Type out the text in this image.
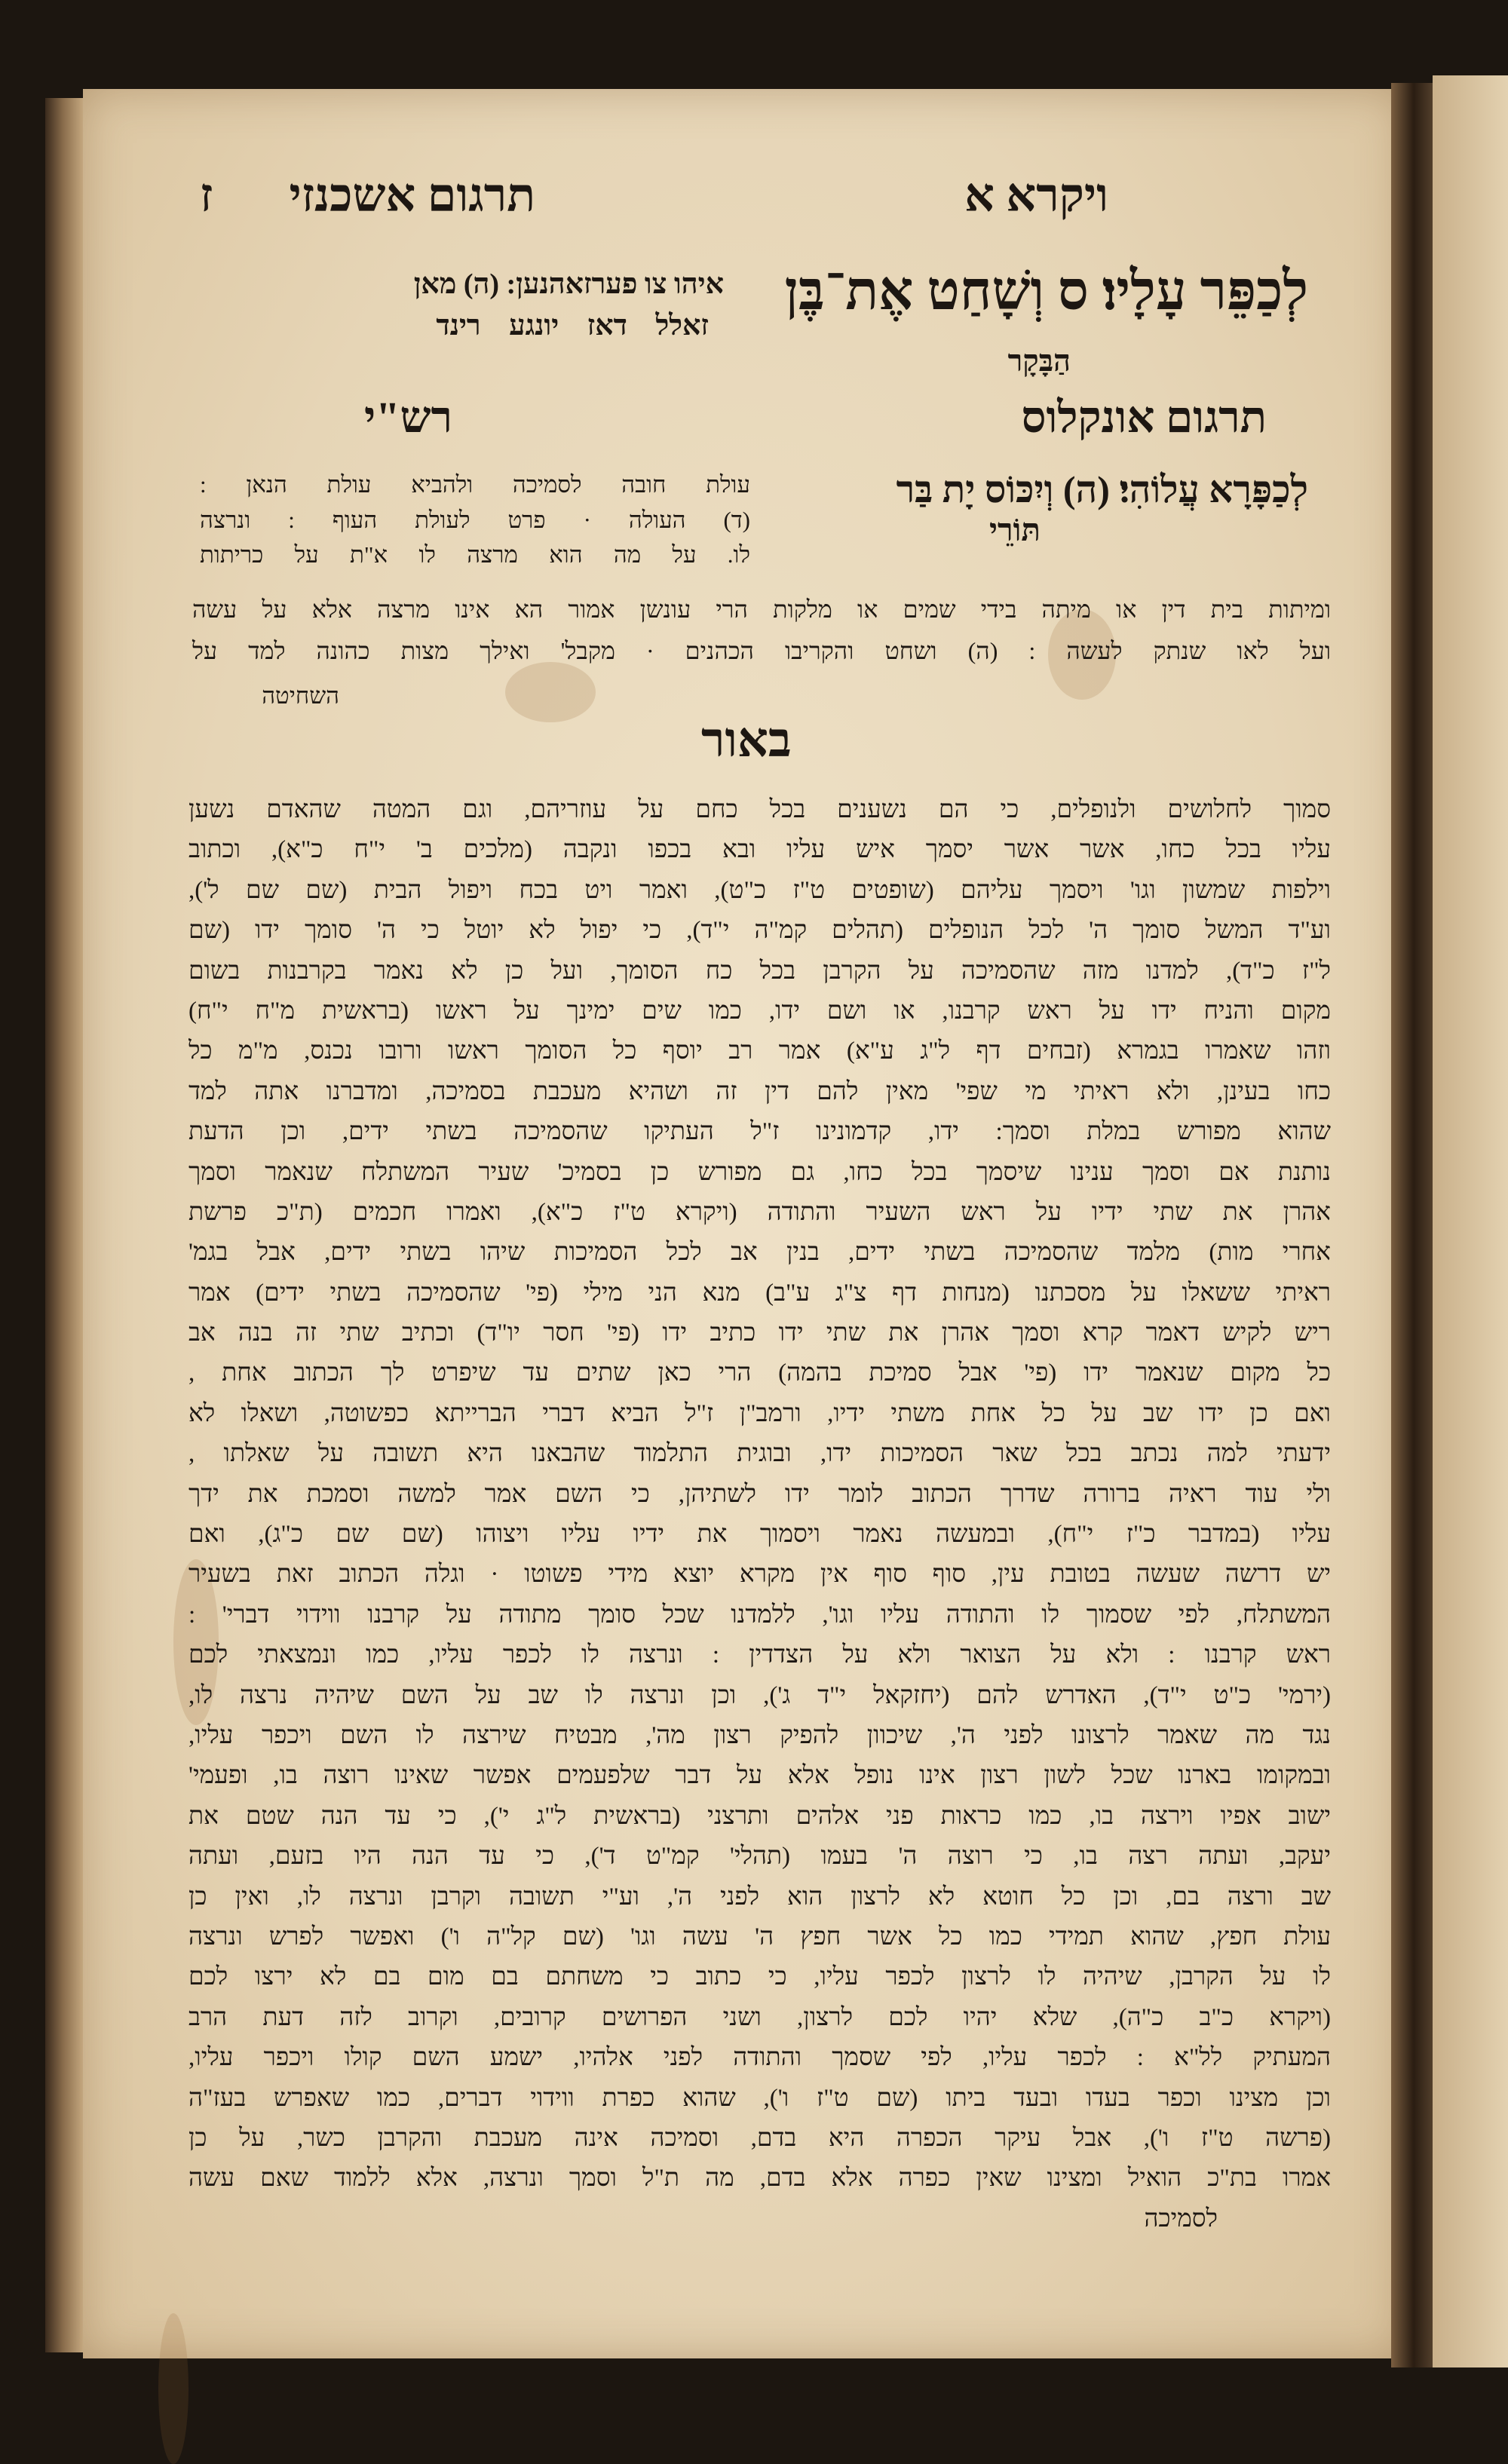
ויקרא א
תרגום אשכנזי
ז
לְכַפֵּר עָלָיו׃ ס וְשָׁחַט אֶת־בֶּן
הַבָּקָר
איהו צו פערזאהנען: (ה) מאן
זאלל דאז יונגע רינד
תרגום אונקלוס
רש"י
לְכַפָּרָא עֲלוֹהִי׃ (ה) וְיִכּוֹס יָת בַּר
תּוֹרֵי
עולת חובה לסמיכה ולהביא עולת הנאן :
(ד) העולה · פרט לעולת העוף : ונרצה
לו. על מה הוא מרצה לו א"ת על כריתות
ומיתות בית דין או מיתה בידי שמים או מלקות הרי עונשן אמור הא אינו מרצה אלא על עשה
ועל לאו שנתק לעשה : (ה) ושחט והקריבו הכהנים · מקבל' ואילך מצות כהונה למד על
השחיטה
באור
סמוך לחלושים ולנופלים, כי הם נשענים בכל כחם על עוזריהם, וגם המטה שהאדם נשען
עליו בכל כחו, אשר אשר יסמך איש עליו ובא בכפו ונקבה (מלכים ב' י"ח כ"א), וכתוב
וילפות שמשון וגו' ויסמך עליהם (שופטים ט"ז כ"ט), ואמר ויט בכח ויפול הבית (שם שם ל'),
וע"ד המשל סומך ה' לכל הנופלים (תהלים קמ"ה י"ד), כי יפול לא יוטל כי ה' סומך ידו (שם
ל"ז כ"ד), למדנו מזה שהסמיכה על הקרבן בכל כח הסומך, ועל כן לא נאמר בקרבנות בשום
מקום והניח ידו על ראש קרבנו, או ושם ידו, כמו שים ימינך על ראשו (בראשית מ"ח י"ח)
וזהו שאמרו בגמרא (זבחים דף ל"ג ע"א) אמר רב יוסף כל הסומך ראשו ורובו נכנס, מ"מ כל
כחו בעינן, ולא ראיתי מי שפי' מאין להם דין זה ושהיא מעכבת בסמיכה, ומדברנו אתה למד
שהוא מפורש במלת וסמך: ידו, קדמונינו ז"ל העתיקו שהסמיכה בשתי ידים, וכן הדעת
נותנת אם וסמך ענינו שיסמך בכל כחו, גם מפורש כן בסמיכ' שעיר המשתלח שנאמר וסמך
אהרן את שתי ידיו על ראש השעיר והתודה (ויקרא ט"ז כ"א), ואמרו חכמים (ת"כ פרשת
אחרי מות) מלמד שהסמיכה בשתי ידים, בנין אב לכל הסמיכות שיהו בשתי ידים, אבל בגמ'
ראיתי ששאלו על מסכתנו (מנחות דף צ"ג ע"ב) מנא הני מילי (פי' שהסמיכה בשתי ידים) אמר
ריש לקיש דאמר קרא וסמך אהרן את שתי ידו כתיב ידו (פי' חסר יו"ד) וכתיב שתי זה בנה אב
כל מקום שנאמר ידו (פי' אבל סמיכת בהמה) הרי כאן שתים עד שיפרט לך הכתוב אחת ,
ואם כן ידו שב על כל אחת משתי ידיו, ורמב"ן ז"ל הביא דברי הברייתא כפשוטה, ושאלו לא
ידעתי למה נכתב בכל שאר הסמיכות ידו, ובוגית התלמוד שהבאנו היא תשובה על שאלתו ,
ולי עוד ראיה ברורה שדרך הכתוב לומר ידו לשתיהן, כי השם אמר למשה וסמכת את ידך
עליו (במדבר כ"ז י"ח), ובמעשה נאמר ויסמוך את ידיו עליו ויצוהו (שם שם כ"ג), ואם
יש דרשה שעשה בטובת עין, סוף סוף אין מקרא יוצא מידי פשוטו · וגלה הכתוב זאת בשעיר
המשתלח, לפי שסמוך לו והתודה עליו וגו', ללמדנו שכל סומך מתודה על קרבנו ווידוי דברי' :
ראש קרבנו : ולא על הצואר ולא על הצדדין : ונרצה לו לכפר עליו, כמו ונמצאתי לכם
(ירמי' כ"ט י"ד), האדרש להם (יחזקאל י"ד ג'), וכן ונרצה לו שב על השם שיהיה נרצה לו,
נגד מה שאמר לרצונו לפני ה', שיכוון להפיק רצון מה', מבטיח שירצה לו השם ויכפר עליו,
ובמקומו בארנו שכל לשון רצון אינו נופל אלא על דבר שלפעמים אפשר שאינו רוצה בו, ופעמי'
ישוב אפיו וירצה בו, כמו כראות פני אלהים ותרצני (בראשית ל"ג י'), כי עד הנה שטם את
יעקב, ועתה רצה בו, כי רוצה ה' בעמו (תהלי' קמ"ט ד'), כי עד הנה היו בזעם, ועתה
שב ורצה בם, וכן כל חוטא לא לרצון הוא לפני ה', וע"י תשובה וקרבן ונרצה לו, ואין כן
עולת חפץ, שהוא תמידי כמו כל אשר חפץ ה' עשה וגו' (שם קל"ה ו') ואפשר לפרש ונרצה
לו על הקרבן, שיהיה לו לרצון לכפר עליו, כי כתוב כי משחתם בם מום בם לא ירצו לכם
(ויקרא כ"ב כ"ה), שלא יהיו לכם לרצון, ושני הפרושים קרובים, וקרוב לזה דעת הרב
המעתיק לל"א : לכפר עליו, לפי שסמך והתודה לפני אלהיו, ישמע השם קולו ויכפר עליו,
וכן מצינו וכפר בעדו ובעד ביתו (שם ט"ז ו'), שהוא כפרת ווידוי דברים, כמו שאפרש בעז"ה
(פרשה ט"ז ו'), אבל עיקר הכפרה היא בדם, וסמיכה אינה מעכבת והקרבן כשר, על כן
אמרו בת"כ הואיל ומצינו שאין כפרה אלא בדם, מה ת"ל וסמך ונרצה, אלא ללמוד שאם עשה
לסמיכה
